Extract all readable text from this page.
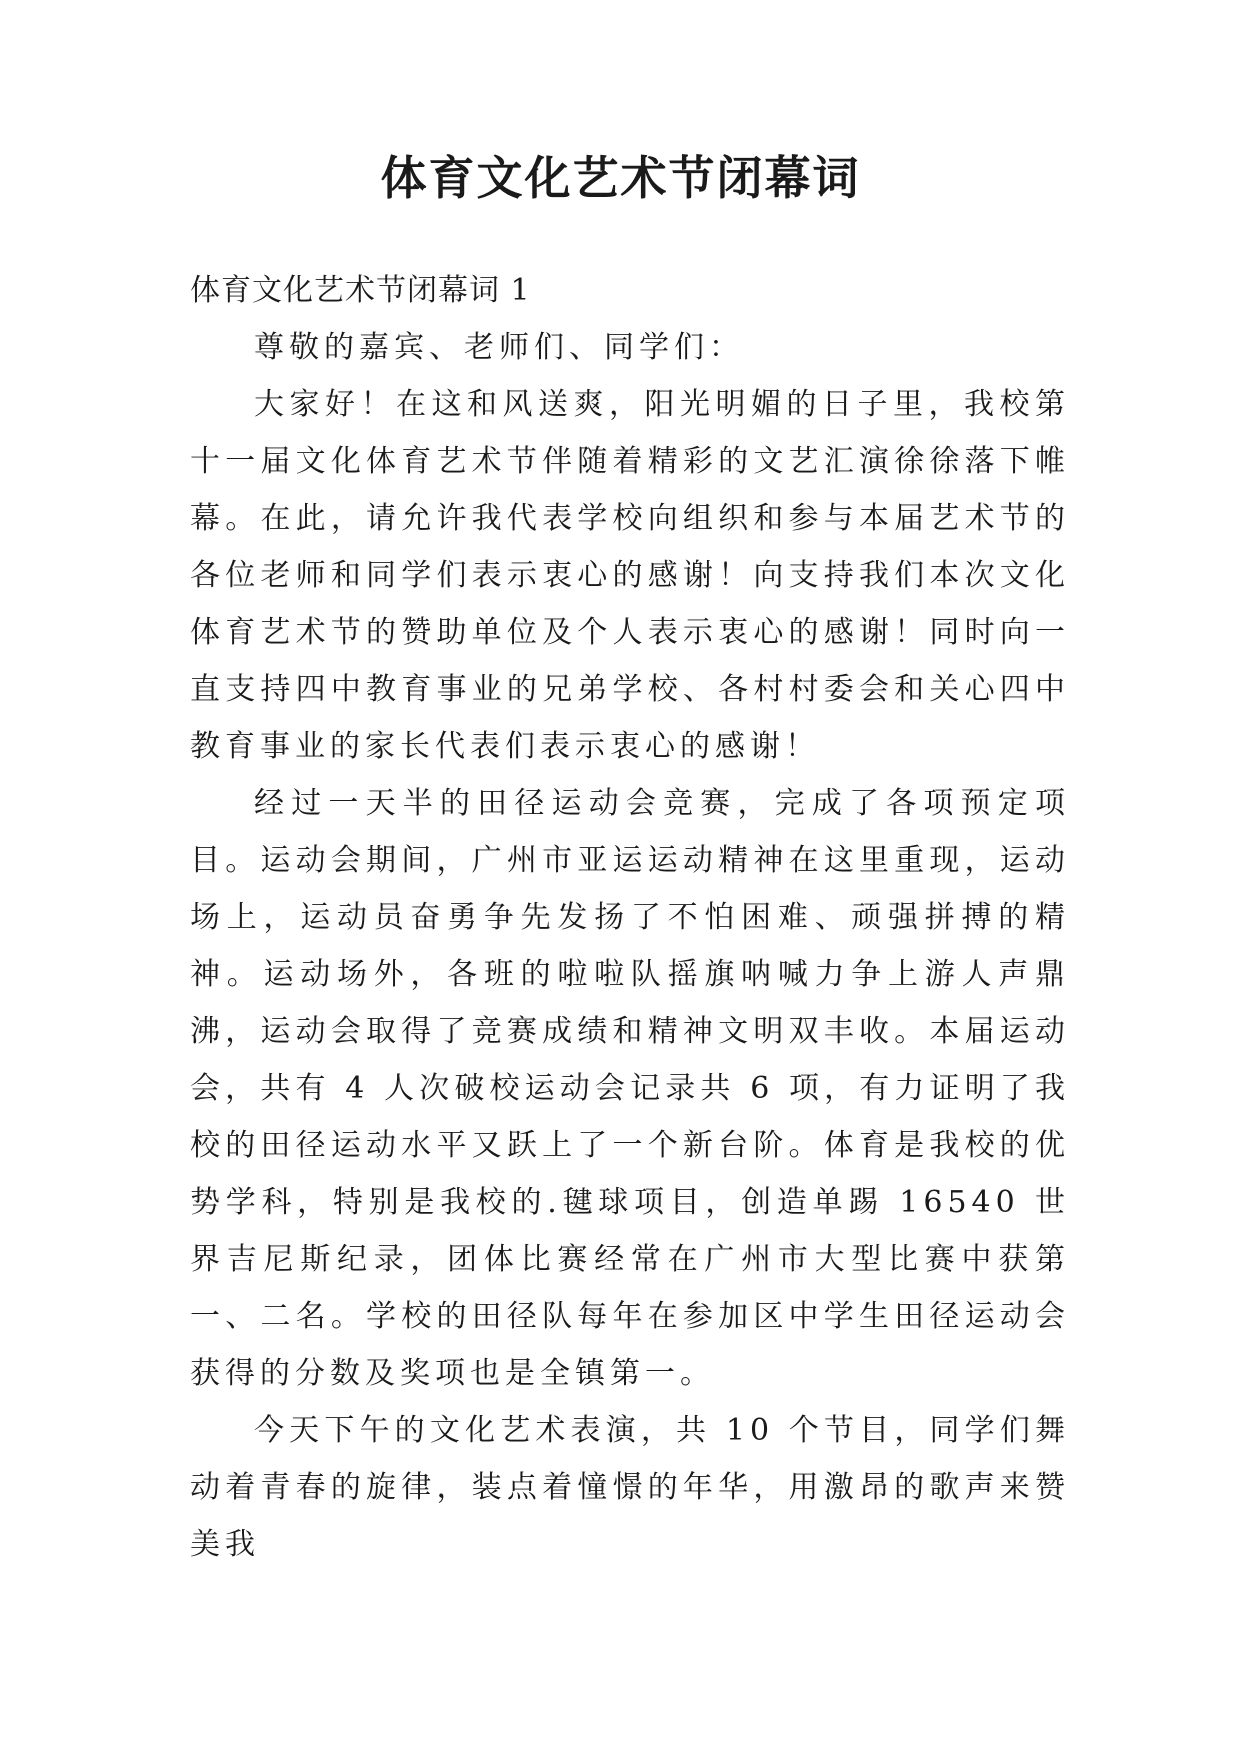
体育文化艺术节闭幕词

体育文化艺术节闭幕词 1

尊敬的嘉宾、老师们、同学们：

大家好！在这和风送爽，阳光明媚的日子里，我校第十一届文化体育艺术节伴随着精彩的文艺汇演徐徐落下帷幕。在此，请允许我代表学校向组织和参与本届艺术节的各位老师和同学们表示衷心的感谢！向支持我们本次文化体育艺术节的赞助单位及个人表示衷心的感谢！同时向一直支持四中教育事业的兄弟学校、各村村委会和关心四中教育事业的家长代表们表示衷心的感谢！

经过一天半的田径运动会竞赛，完成了各项预定项目。运动会期间，广州市亚运运动精神在这里重现，运动场上，运动员奋勇争先发扬了不怕困难、顽强拼搏的精神。运动场外，各班的啦啦队摇旗呐喊力争上游人声鼎沸，运动会取得了竞赛成绩和精神文明双丰收。本届运动会，共有 4 人次破校运动会记录共 6 项，有力证明了我校的田径运动水平又跃上了一个新台阶。体育是我校的优势学科，特别是我校的.毽球项目，创造单踢 16540 世界吉尼斯纪录，团体比赛经常在广州市大型比赛中获第一、二名。学校的田径队每年在参加区中学生田径运动会获得的分数及奖项也是全镇第一。

今天下午的文化艺术表演，共 10 个节目，同学们舞动着青春的旋律，装点着憧憬的年华，用激昂的歌声来赞美我
